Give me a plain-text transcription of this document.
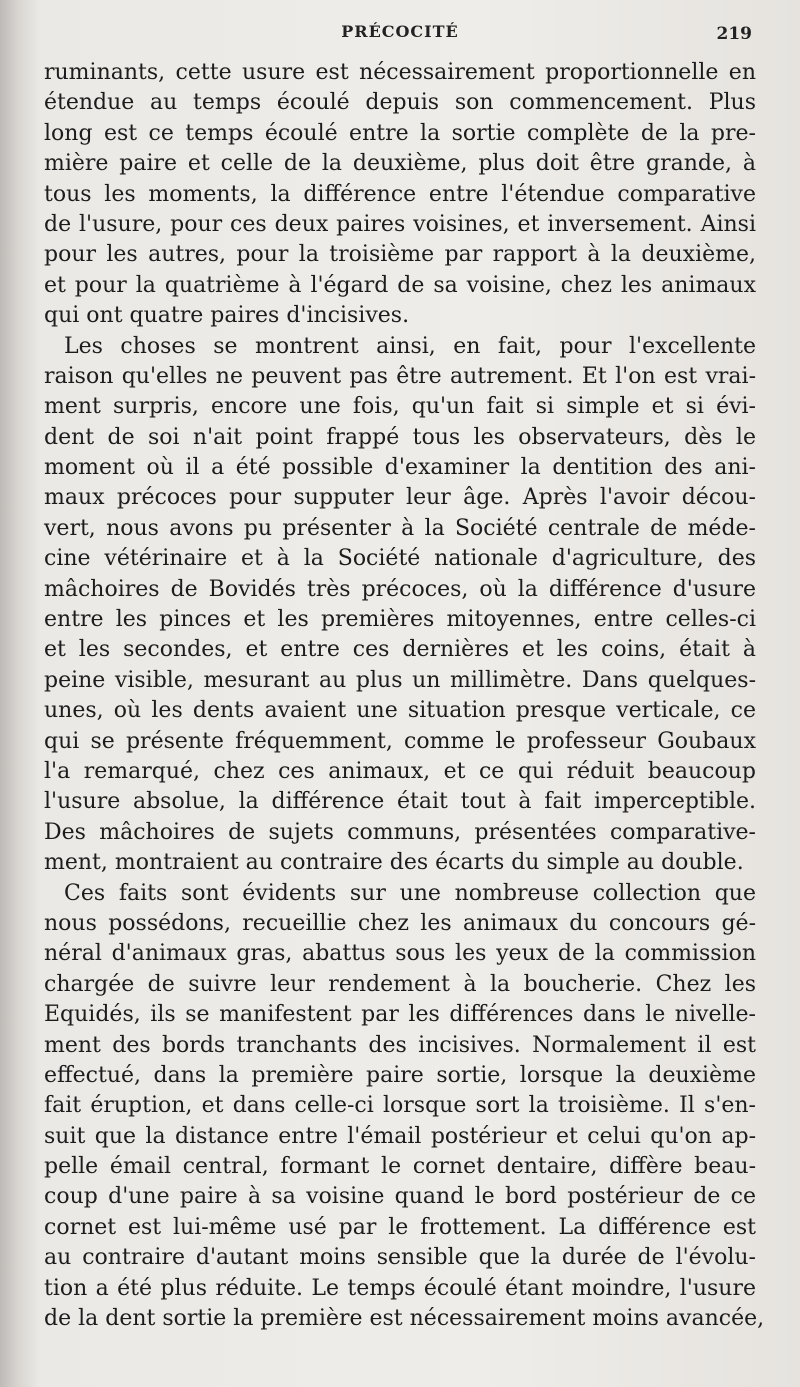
PRÉCOCITÉ	219
ruminants, cette usure est nécessairement proportionnelle en
étendue au temps écoulé depuis son commencement. Plus
long est ce temps écoulé entre la sortie complète de la pre-
mière paire et celle de la deuxième, plus doit être grande, à
tous les moments, la différence entre l'étendue comparative
de l'usure, pour ces deux paires voisines, et inversement. Ainsi
pour les autres, pour la troisième par rapport à la deuxième,
et pour la quatrième à l'égard de sa voisine, chez les animaux
qui ont quatre paires d'incisives.
Les choses se montrent ainsi, en fait, pour l'excellente
raison qu'elles ne peuvent pas être autrement. Et l'on est vrai-
ment surpris, encore une fois, qu'un fait si simple et si évi-
dent de soi n'ait point frappé tous les observateurs, dès le
moment où il a été possible d'examiner la dentition des ani-
maux précoces pour supputer leur âge. Après l'avoir décou-
vert, nous avons pu présenter à la Société centrale de méde-
cine vétérinaire et à la Société nationale d'agriculture, des
mâchoires de Bovidés très précoces, où la différence d'usure
entre les pinces et les premières mitoyennes, entre celles-ci
et les secondes, et entre ces dernières et les coins, était à
peine visible, mesurant au plus un millimètre. Dans quelques-
unes, où les dents avaient une situation presque verticale, ce
qui se présente fréquemment, comme le professeur Goubaux
l'a remarqué, chez ces animaux, et ce qui réduit beaucoup
l'usure absolue, la différence était tout à fait imperceptible.
Des mâchoires de sujets communs, présentées comparative-
ment, montraient au contraire des écarts du simple au double.
Ces faits sont évidents sur une nombreuse collection que
nous possédons, recueillie chez les animaux du concours gé-
néral d'animaux gras, abattus sous les yeux de la commission
chargée de suivre leur rendement à la boucherie. Chez les
Equidés, ils se manifestent par les différences dans le nivelle-
ment des bords tranchants des incisives. Normalement il est
effectué, dans la première paire sortie, lorsque la deuxième
fait éruption, et dans celle-ci lorsque sort la troisième. Il s'en-
suit que la distance entre l'émail postérieur et celui qu'on ap-
pelle émail central, formant le cornet dentaire, diffère beau-
coup d'une paire à sa voisine quand le bord postérieur de ce
cornet est lui-même usé par le frottement. La différence est
au contraire d'autant moins sensible que la durée de l'évolu-
tion a été plus réduite. Le temps écoulé étant moindre, l'usure
de la dent sortie la première est nécessairement moins avancée,
